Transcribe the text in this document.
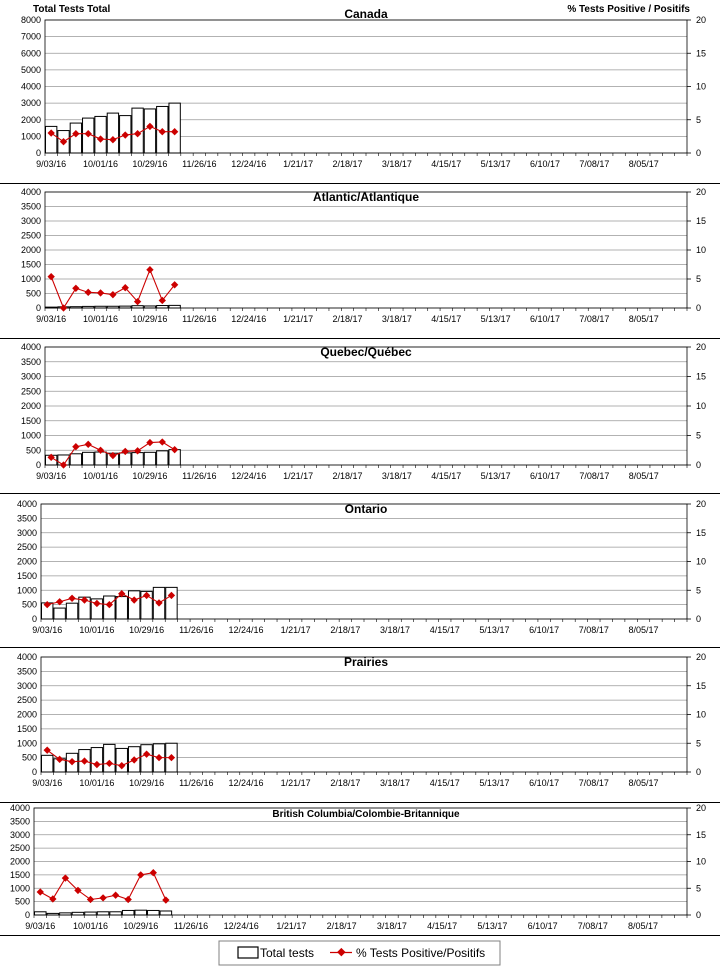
Total Tests Total	% Tests Positive / Positifs
Canada
0
1000
2000
3000
4000
5000
6000
7000
8000
0
5
10
15
20
9/03/16 10/01/16 10/29/16 11/26/16 12/24/16 1/21/17 2/18/17 3/18/17 4/15/17 5/13/17 6/10/17 7/08/17 8/05/17
Atlantic/Atlantique
0
500
1000
1500
2000
2500
3000
3500
4000
0
5
10
15
20
9/03/16 10/01/16 10/29/16 11/26/16 12/24/16 1/21/17 2/18/17 3/18/17 4/15/17 5/13/17 6/10/17 7/08/17 8/05/17
Quebec/Québec
0
500
1000
1500
2000
2500
3000
3500
4000
0
5
10
15
20
9/03/16 10/01/16 10/29/16 11/26/16 12/24/16 1/21/17 2/18/17 3/18/17 4/15/17 5/13/17 6/10/17 7/08/17 8/05/17
Ontario
0
500
1000
1500
2000
2500
3000
3500
4000
0
5
10
15
20
9/03/16 10/01/16 10/29/16 11/26/16 12/24/16 1/21/17 2/18/17 3/18/17 4/15/17 5/13/17 6/10/17 7/08/17 8/05/17
Prairies
0
500
1000
1500
2000
2500
3000
3500
4000
0
5
10
15
20
9/03/16 10/01/16 10/29/16 11/26/16 12/24/16 1/21/17 2/18/17 3/18/17 4/15/17 5/13/17 6/10/17 7/08/17 8/05/17
British Columbia/Colombie-Britannique
0
500
1000
1500
2000
2500
3000
3500
4000
0
5
10
15
20
9/03/16 10/01/16 10/29/16 11/26/16 12/24/16 1/21/17 2/18/17 3/18/17 4/15/17 5/13/17 6/10/17 7/08/17 8/05/17
Total tests	% Tests Positive/Positifs
